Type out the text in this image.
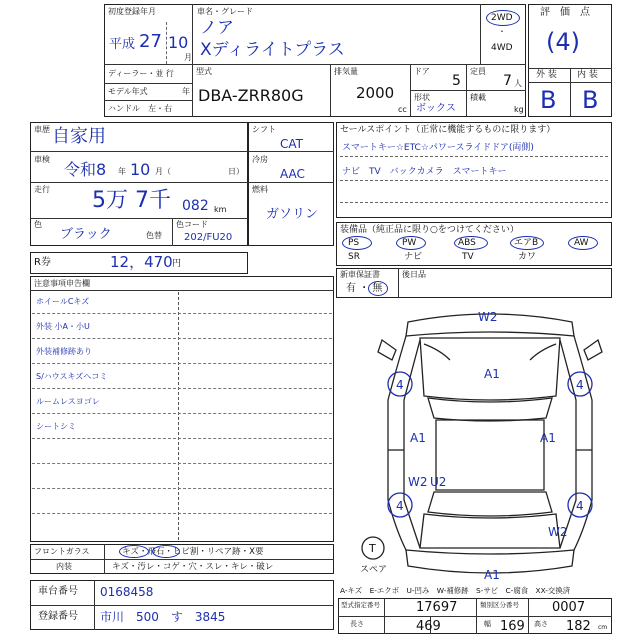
初度登録年月
平成 27 10
月
車名・グレード
ノア
Xディライトプラス
2WD
・
4WD
ディーラー・並 行
モデル年式	年
ハンドル　左・右
型式
DBA-ZRR80G
排気量
2000
cc
ドア
5
定員
7 人
形状
ボックス
積載
kg
評　価　点
(4)
外 装 内 装
B B
車歴 自家用
車検
令和8 年 10 月（	日）
走行 5万 7千 082 km
色
ブラック	色替
色コード
202/FU20
シフト
CAT
冷房
AAC
燃料
ガソリン
R券	12，470 円
セールスポイント（正常に機能するものに限ります）
スマートキー☆ETC☆パワースライドドア(両側)
ナビ　TV　バックカメラ　スマートキー
装備品（純正品に限り○をつけてください）
PS	PW	ABS	エアB	AW
SR	ナビ	TV	カワ
新車保証書
有 ・ 無
後日品
注意事項申告欄
ホイールCキズ
外装 小A・小U
外装補修跡あり
S/ハウスキズヘコミ
ルームレスヨゴレ
シートシミ
フロントガラス	キズ・飛石・ヒビ割・リペア跡・X要
内装	キズ・汚レ・コゲ・穴・スレ・キレ・破レ
車台番号 0168458
登録番号 市川　500　す　3845
W2
A1
4	4
A1	A1
W2 U2
4	4
W2
A1
T
スペア
A-キズ　E-エクボ　U-凹み　W-補修跡　S-サビ　C-腐食　XX-交換済
型式指定番号	17697	類別区分番号	0007
長さ	469	幅 169 高さ 182 cm
